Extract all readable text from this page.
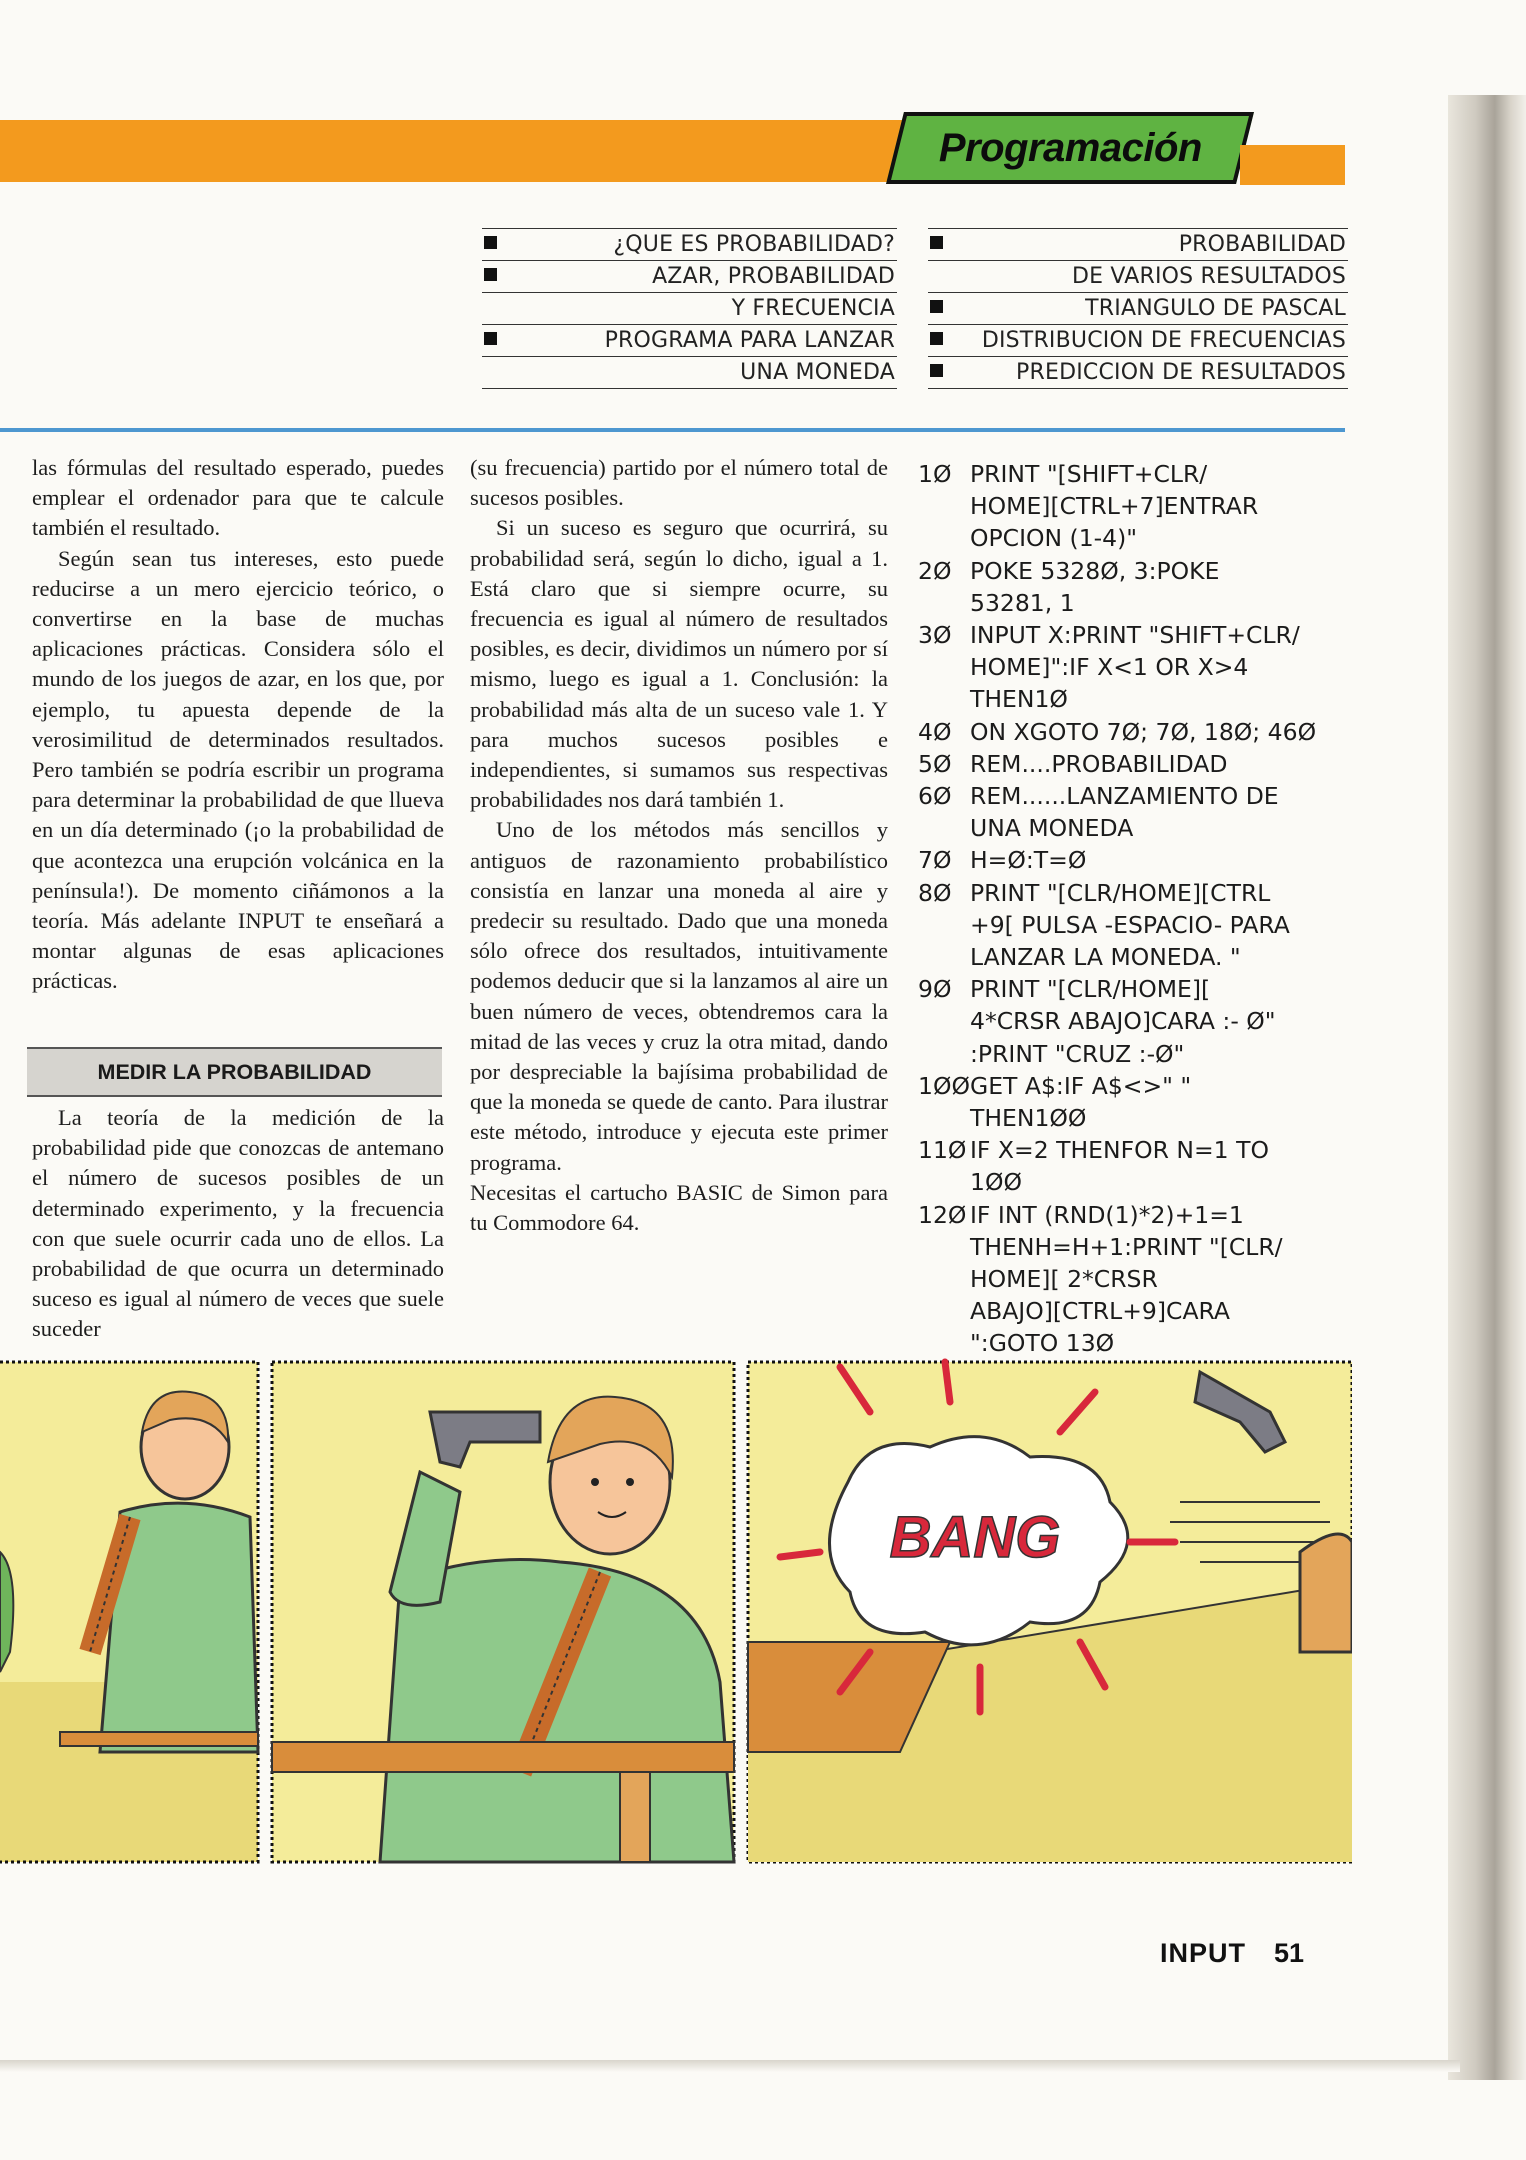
Programación
¿QUE ES PROBABILIDAD?
AZAR, PROBABILIDAD
Y FRECUENCIA
PROGRAMA PARA LANZAR
UNA MONEDA
PROBABILIDAD
DE VARIOS RESULTADOS
TRIANGULO DE PASCAL
DISTRIBUCION DE FRECUENCIAS
PREDICCION DE RESULTADOS

las fórmulas del resultado esperado, puedes emplear el ordenador para que te calcule también el resultado.

Según sean tus intereses, esto puede reducirse a un mero ejercicio teórico, o convertirse en la base de muchas aplicaciones prácticas. Considera sólo el mundo de los juegos de azar, en los que, por ejemplo, tu apuesta depende de la verosimilitud de determinados resultados. Pero también se podría escribir un programa para determinar la probabilidad de que llueva en un día determinado (¡o la probabilidad de que acontezca una erupción volcánica en la península!). De momento ciñámonos a la teoría. Más adelante INPUT te enseñará a montar algunas de esas aplicaciones prácticas.

MEDIR LA PROBABILIDAD

La teoría de la medición de la probabilidad pide que conozcas de antemano el número de sucesos posibles de un determinado experimento, y la frecuencia con que suele ocurrir cada uno de ellos. La probabilidad de que ocurra un determinado suceso es igual al número de veces que suele suceder

(su frecuencia) partido por el número total de sucesos posibles.

Si un suceso es seguro que ocurrirá, su probabilidad será, según lo dicho, igual a 1. Está claro que si siempre ocurre, su frecuencia es igual al número de resultados posibles, es decir, dividimos un número por sí mismo, luego es igual a 1. Conclusión: la probabilidad más alta de un suceso vale 1. Y para muchos sucesos posibles e independientes, si sumamos sus respectivas probabilidades nos dará también 1.

Uno de los métodos más sencillos y antiguos de razonamiento probabilístico consistía en lanzar una moneda al aire y predecir su resultado. Dado que una moneda sólo ofrece dos resultados, intuitivamente podemos deducir que si la lanzamos al aire un buen número de veces, obtendremos cara la mitad de las veces y cruz la otra mitad, dando por despreciable la bajísima probabilidad de que la moneda se quede de canto. Para ilustrar este método, introduce y ejecuta este primer programa.

Necesitas el cartucho BASIC de Simon para tu Commodore 64.

1Ø PRINT "[SHIFT+CLR/
HOME][CTRL+7]ENTRAR
OPCION (1-4)"
2Ø POKE 5328Ø, 3:POKE
53281, 1
3Ø INPUT X:PRINT "SHIFT+CLR/
HOME]":IF X<1 OR X>4
THEN1Ø
4Ø ON XGOTO 7Ø; 7Ø, 18Ø; 46Ø
5Ø REM....PROBABILIDAD
6Ø REM......LANZAMIENTO DE
UNA MONEDA
7Ø H=Ø:T=Ø
8Ø PRINT "[CLR/HOME][CTRL
+9[ PULSA -ESPACIO- PARA
LANZAR LA MONEDA. "
9Ø PRINT "[CLR/HOME][
4*CRSR ABAJO]CARA :- Ø"
:PRINT "CRUZ :-Ø"
1ØØ GET A$:IF A$<>" "
THEN1ØØ
11Ø IF X=2 THENFOR N=1 TO
1ØØ
12Ø IF INT (RND(1)*2)+1=1
THENH=H+1:PRINT "[CLR/
HOME][ 2*CRSR
ABAJO][CTRL+9]CARA
":GOTO 13Ø
BANG
INPUT 51
